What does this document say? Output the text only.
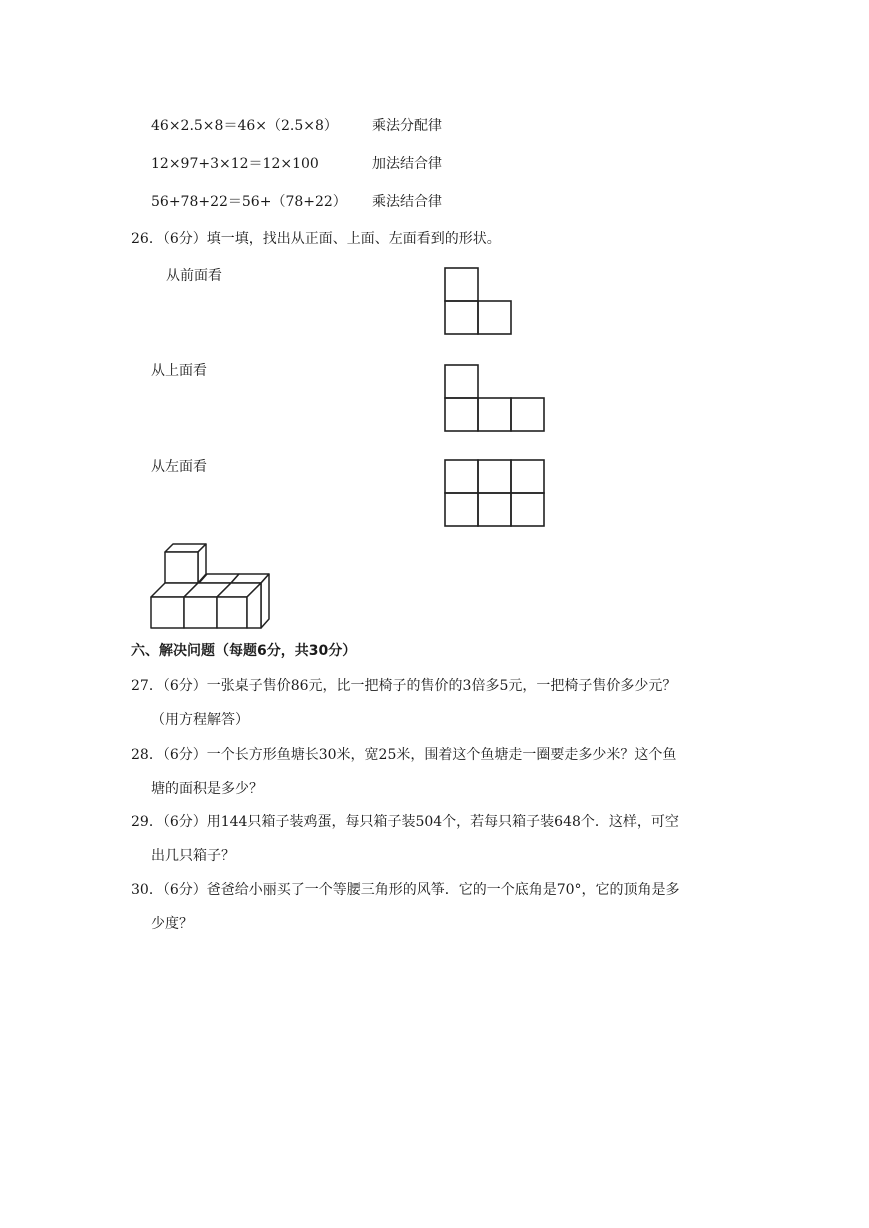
46×2.5×8＝46×（2.5×8） 乘法分配律
12×97+3×12＝12×100	加法结合律
56+78+22＝56+（78+22） 乘法结合律
26．（6分）填一填，找出从正面、上面、左面看到的形状。
从前面看
从上面看
从左面看
六、解决问题（每题6分，共30分）
27．（6分）一张桌子售价86元，比一把椅子的售价的3倍多5元，一把椅子售价多少元？
（用方程解答）
28．（6分）一个长方形鱼塘长30米，宽25米，围着这个鱼塘走一圈要走多少米？这个鱼
塘的面积是多少？
29．（6分）用144只箱子装鸡蛋，每只箱子装504个，若每只箱子装648个．这样，可空
出几只箱子？
30．（6分）爸爸给小丽买了一个等腰三角形的风筝．它的一个底角是70°，它的顶角是多
少度？
